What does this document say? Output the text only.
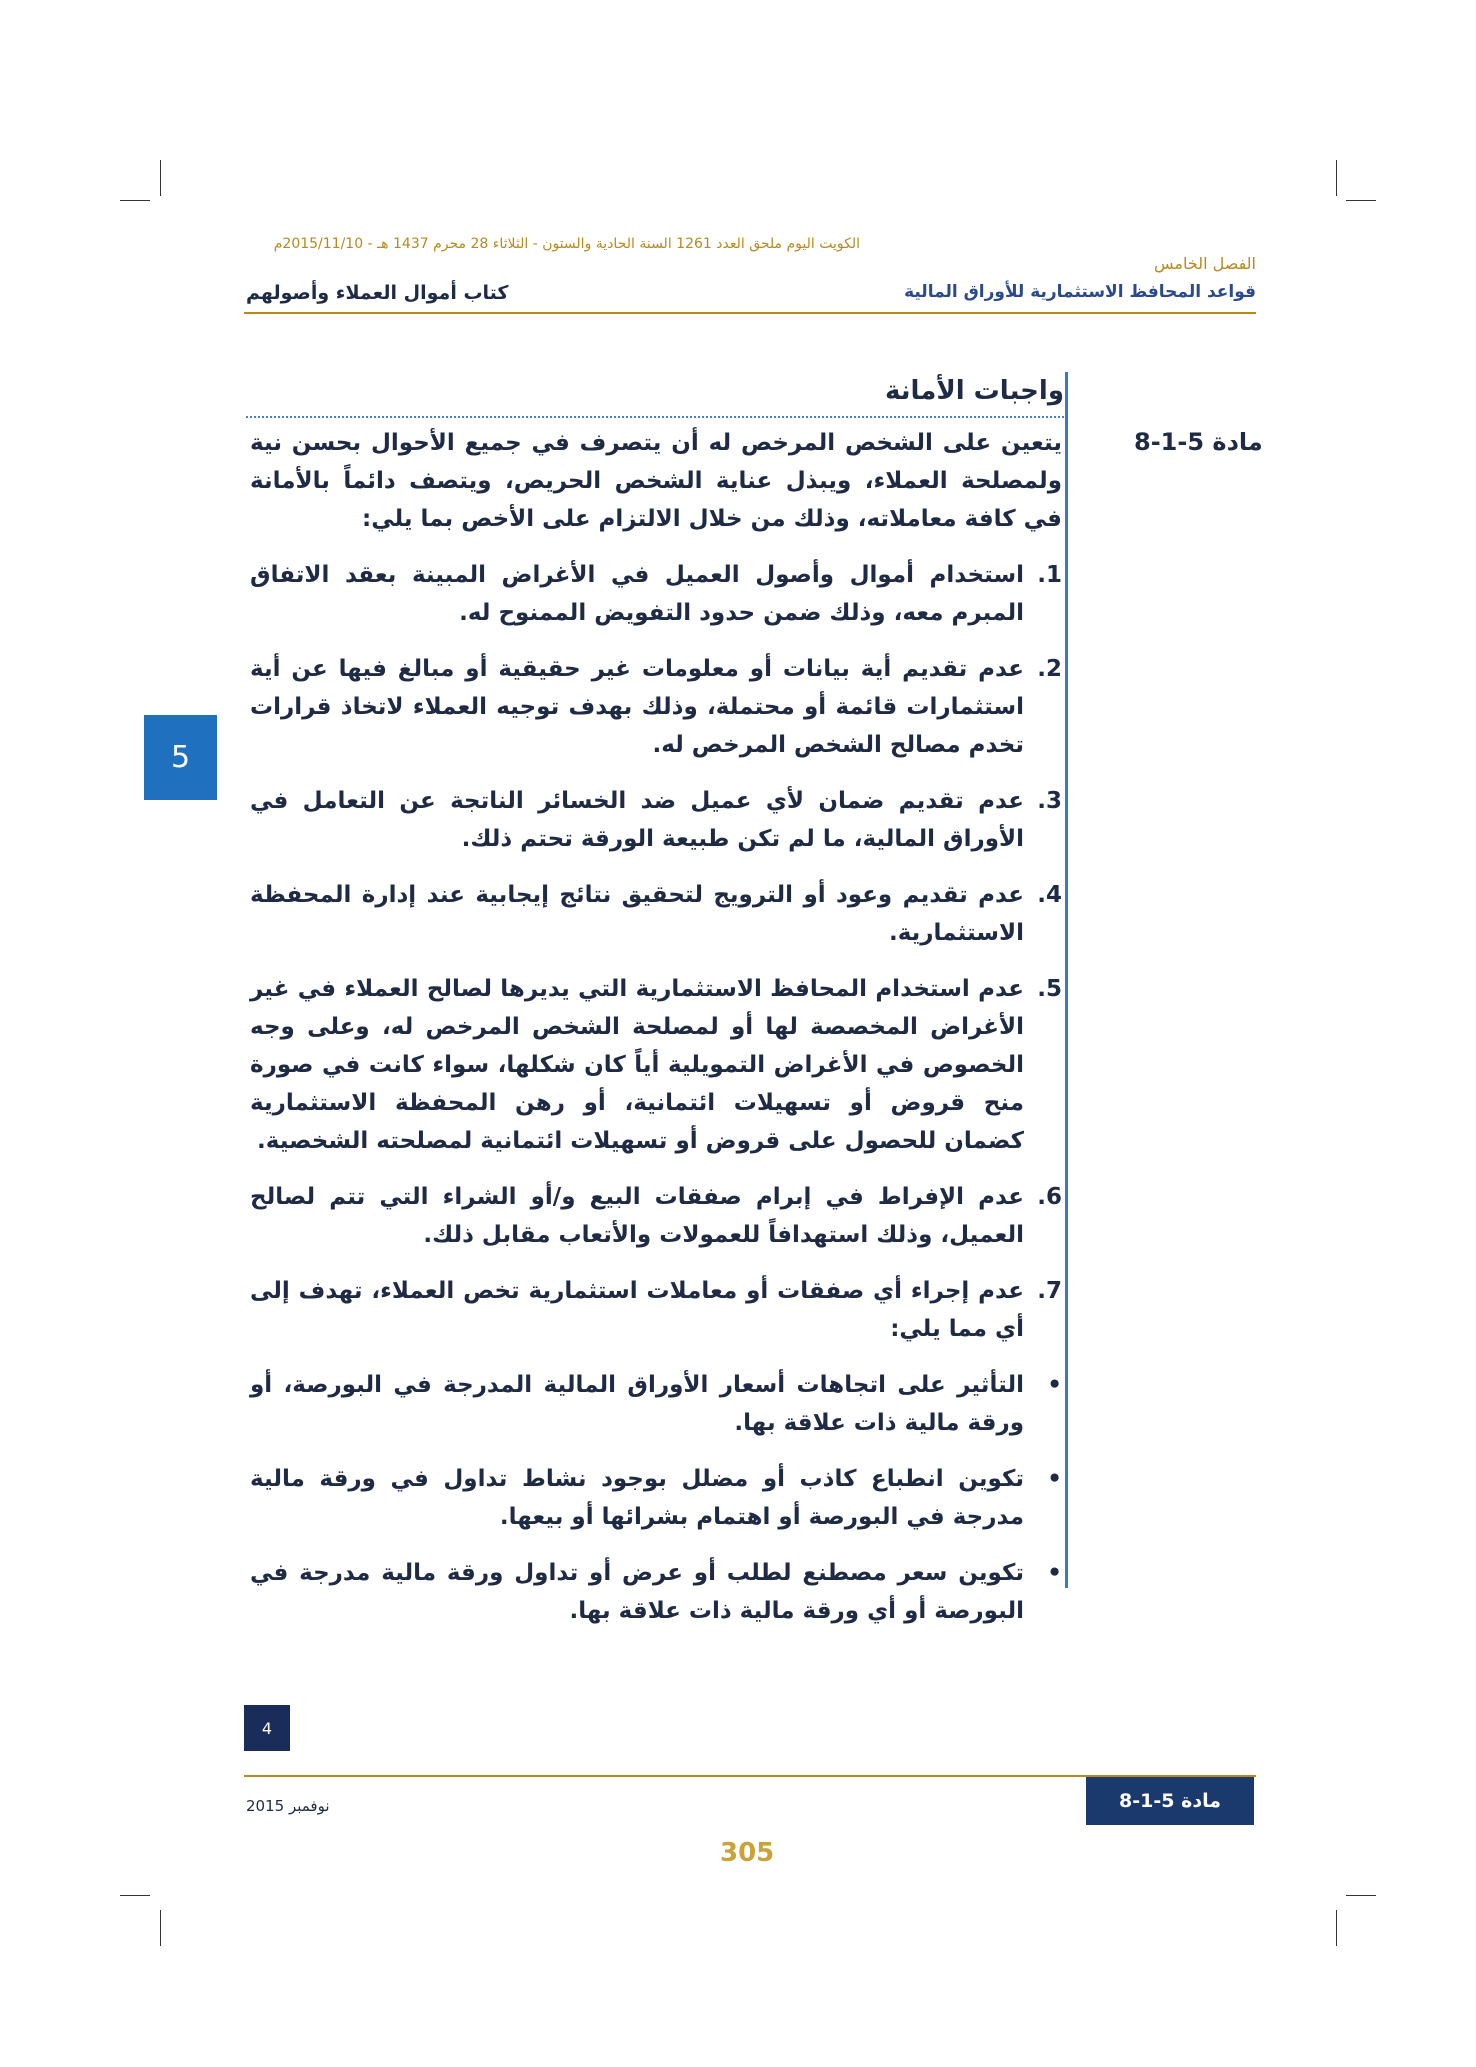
الكويت اليوم ملحق العدد 1261 السنة الحادية والستون - الثلاثاء 28 محرم 1437 هـ - 2015/11/10م
الفصل الخامس
قواعد المحافظ الاستثمارية للأوراق المالية
كتاب أموال العملاء وأصولهم
واجبات الأمانة
مادة 5-1-8
5
يتعين على الشخص المرخص له أن يتصرف في جميع الأحوال بحسن نية ولمصلحة العملاء، ويبذل عناية الشخص الحريص، ويتصف دائماً بالأمانة في كافة معاملاته، وذلك من خلال الالتزام على الأخص بما يلي:
1.
استخدام أموال وأصول العميل في الأغراض المبينة بعقد الاتفاق المبرم معه، وذلك ضمن حدود التفويض الممنوح له.
2.
عدم تقديم أية بيانات أو معلومات غير حقيقية أو مبالغ فيها عن أية استثمارات قائمة أو محتملة، وذلك بهدف توجيه العملاء لاتخاذ قرارات تخدم مصالح الشخص المرخص له.
3.
عدم تقديم ضمان لأي عميل ضد الخسائر الناتجة عن التعامل في الأوراق المالية، ما لم تكن طبيعة الورقة تحتم ذلك.
4.
عدم تقديم وعود أو الترويج لتحقيق نتائج إيجابية عند إدارة المحفظة الاستثمارية.
5.
عدم استخدام المحافظ الاستثمارية التي يديرها لصالح العملاء في غير الأغراض المخصصة لها أو لمصلحة الشخص المرخص له، وعلى وجه الخصوص في الأغراض التمويلية أياً كان شكلها، سواء كانت في صورة منح قروض أو تسهيلات ائتمانية، أو رهن المحفظة الاستثمارية كضمان للحصول على قروض أو تسهيلات ائتمانية لمصلحته الشخصية.
6.
عدم الإفراط في إبرام صفقات البيع و/أو الشراء التي تتم لصالح العميل، وذلك استهدافاً للعمولات والأتعاب مقابل ذلك.
7.
عدم إجراء أي صفقات أو معاملات استثمارية تخص العملاء، تهدف إلى أي مما يلي:
•
التأثير على اتجاهات أسعار الأوراق المالية المدرجة في البورصة، أو ورقة مالية ذات علاقة بها.
•
تكوين انطباع كاذب أو مضلل بوجود نشاط تداول في ورقة مالية مدرجة في البورصة أو اهتمام بشرائها أو بيعها.
•
تكوين سعر مصطنع لطلب أو عرض أو تداول ورقة مالية مدرجة في البورصة أو أي ورقة مالية ذات علاقة بها.
4
نوفمبر 2015	مادة 5-1-8
305
